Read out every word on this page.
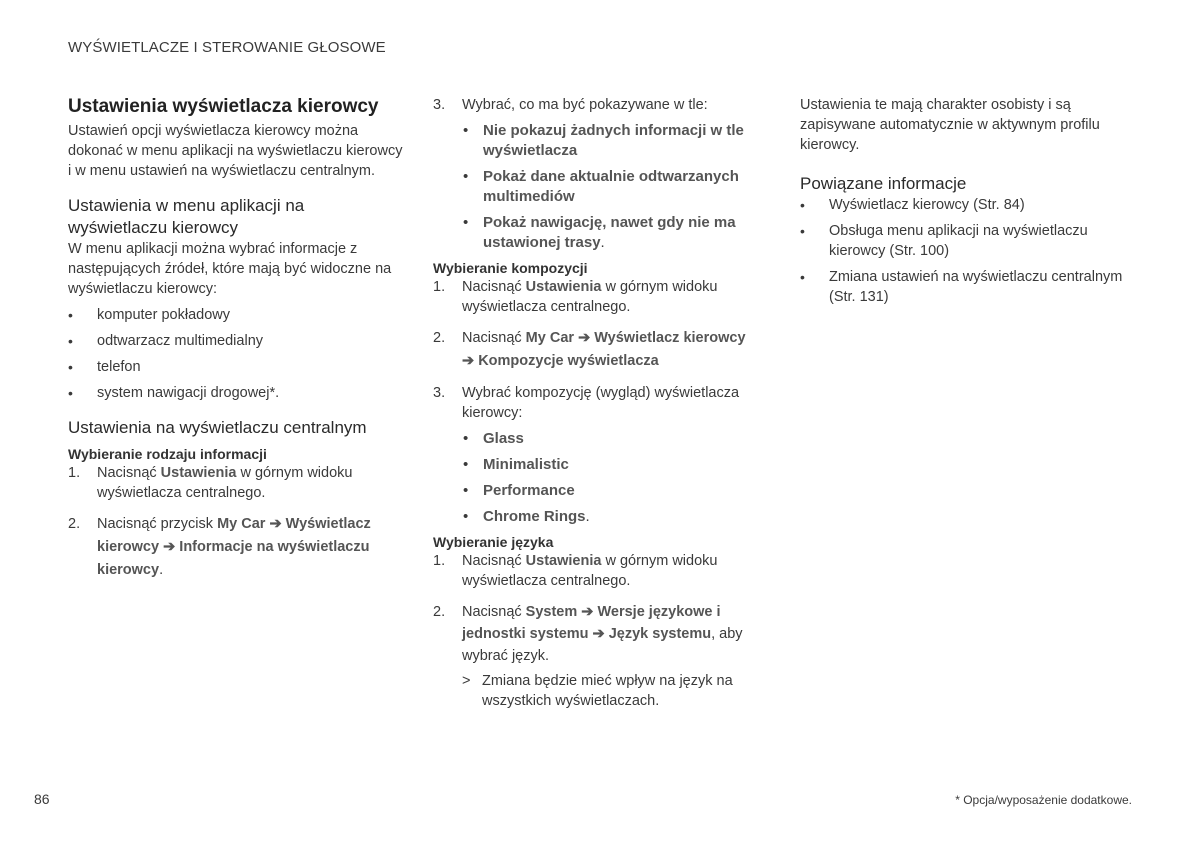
WYŚWIETLACZE I STEROWANIE GŁOSOWE

Ustawienia wyświetlacza kierowcy

Ustawień opcji wyświetlacza kierowcy można dokonać w menu aplikacji na wyświetlaczu kierowcy i w menu ustawień na wyświetlaczu centralnym.

Ustawienia w menu aplikacji na wyświetlaczu kierowcy

W menu aplikacji można wybrać informacje z następujących źródeł, które mają być widoczne na wyświetlaczu kierowcy:

•	komputer pokładowy
•	odtwarzacz multimedialny
•	telefon
•	system nawigacji drogowej*.

Ustawienia na wyświetlaczu centralnym

Wybieranie rodzaju informacji

1.	Nacisnąć Ustawienia w górnym widoku wyświetlacza centralnego.
2.	Nacisnąć przycisk My Car ➔ Wyświetlacz kierowcy ➔ Informacje na wyświetlaczu kierowcy.
3.	Wybrać, co ma być pokazywane w tle:
• Nie pokazuj żadnych informacji w tle wyświetlacza
• Pokaż dane aktualnie odtwarzanych multimediów
• Pokaż nawigację, nawet gdy nie ma ustawionej trasy.

Wybieranie kompozycji

1.	Nacisnąć Ustawienia w górnym widoku wyświetlacza centralnego.
2.	Nacisnąć My Car ➔ Wyświetlacz kierowcy
➔ Kompozycje wyświetlacza
3.	Wybrać kompozycję (wygląd) wyświetlacza kierowcy:
• Glass
• Minimalistic
• Performance
• Chrome Rings.

Wybieranie języka

1.	Nacisnąć Ustawienia w górnym widoku wyświetlacza centralnego.
2.	Nacisnąć System ➔ Wersje językowe i jednostki systemu ➔ Język systemu, aby wybrać język.
> Zmiana będzie mieć wpływ na język na wszystkich wyświetlaczach.

Ustawienia te mają charakter osobisty i są zapisywane automatycznie w aktywnym profilu kierowcy.

Powiązane informacje

•	Wyświetlacz kierowcy (Str. 84)
•	Obsługa menu aplikacji na wyświetlaczu kierowcy (Str. 100)
•	Zmiana ustawień na wyświetlaczu centralnym (Str. 131)
86	* Opcja/wyposażenie dodatkowe.
